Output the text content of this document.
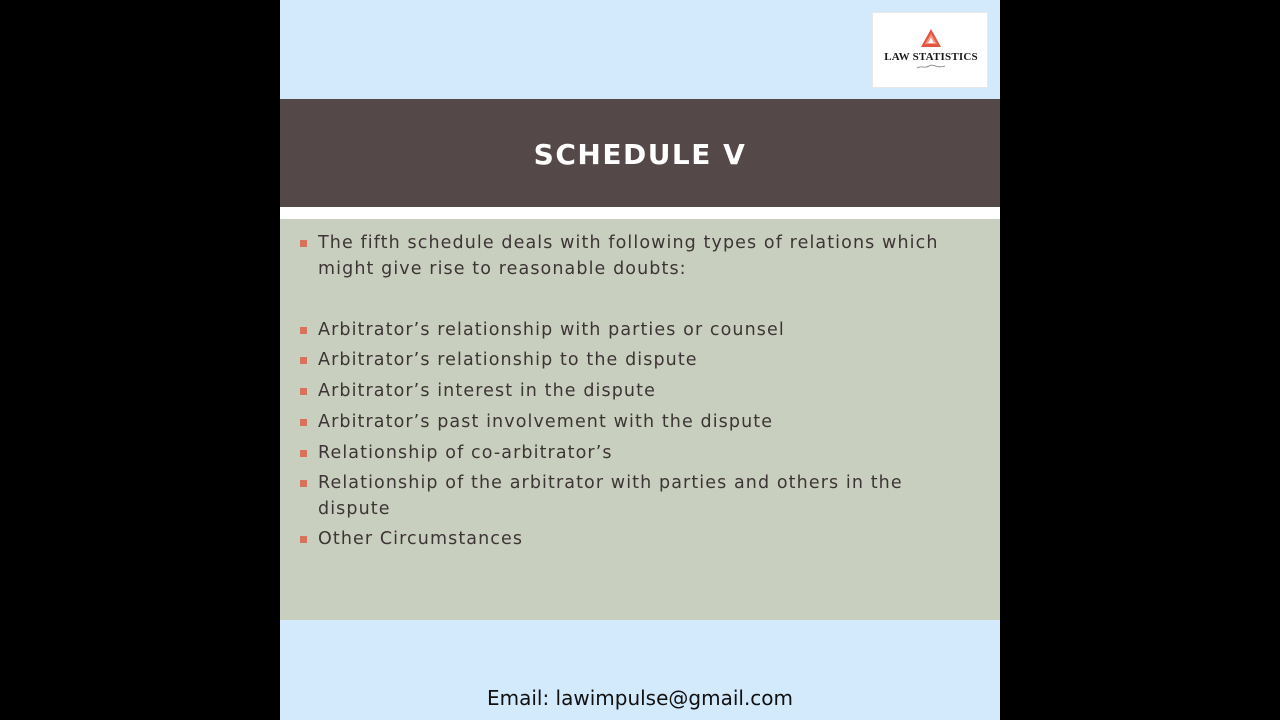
LAW STATISTICS
SCHEDULE V
The fifth schedule deals with following types of relations which might give rise to reasonable doubts:
Arbitrator’s relationship with parties or counsel
Arbitrator’s relationship to the dispute
Arbitrator’s interest in the dispute
Arbitrator’s past involvement with the dispute
Relationship of co-arbitrator’s
Relationship of the arbitrator with parties and others in the dispute
Other Circumstances
Email: lawimpulse@gmail.com
